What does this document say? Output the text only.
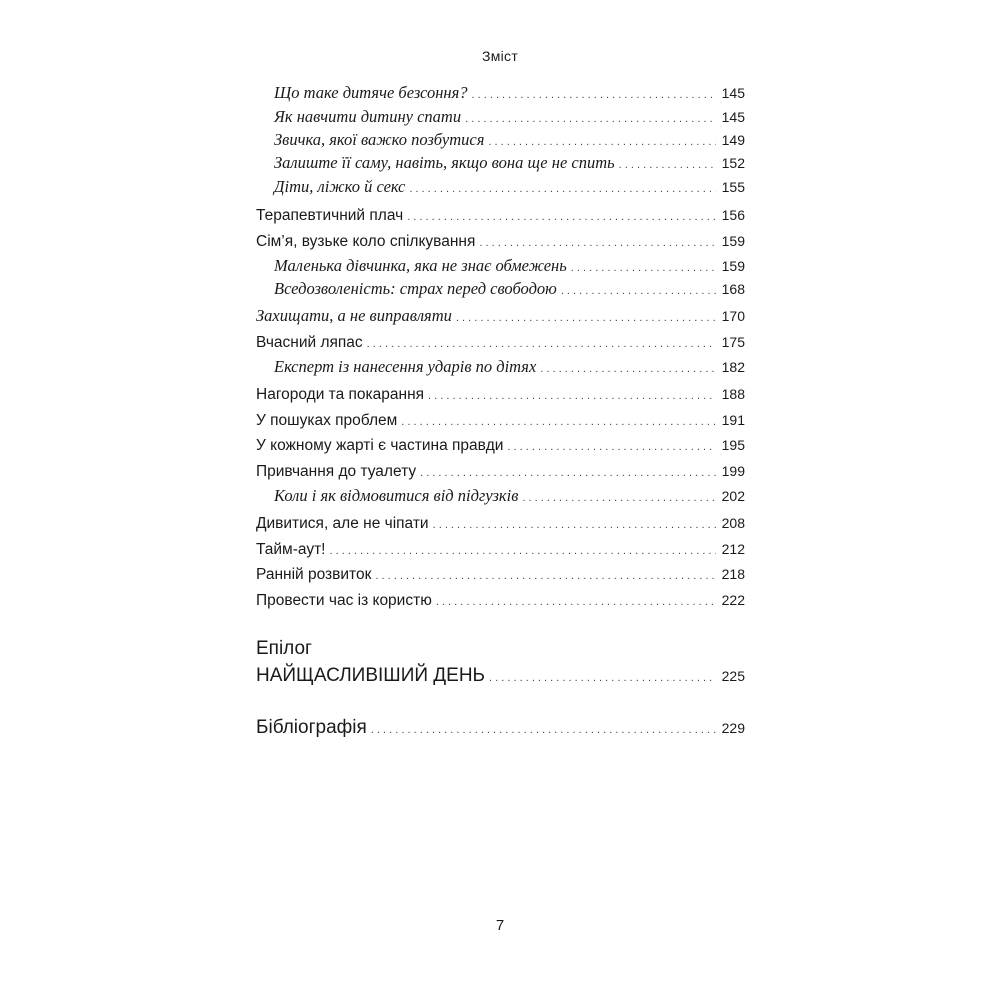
Зміст
Що таке дитяче безсоння? . . .	145
Як навчити дитину спати . . .	145
Звичка, якої важко позбутися . . .	149
Залиште її саму, навіть, якщо вона ще не спить . . .	152
Діти, ліжко й секс . . .	155
Терапевтичний плач . . .	156
Сім’я, вузьке коло спілкування . . .	159
Маленька дівчинка, яка не знає обмежень . . .	159
Вседозволеність: страх перед свободою . . .	168
Захищати, а не виправляти . . .	170
Вчасний ляпас . . .	175
Експерт із нанесення ударів по дітях . . .	182
Нагороди та покарання . . .	188
У пошуках проблем . . .	191
У кожному жарті є частина правди . . .	195
Привчання до туалету . . .	199
Коли і як відмовитися від підгузків . . .	202
Дивитися, але не чіпати . . .	208
Тайм-аут! . . .	212
Ранній розвиток . . .	218
Провести час із користю . . .	222
Епілог
НАЙЩАСЛИВІШИЙ ДЕНЬ . . .	225
Бібліографія . . .	229
7
